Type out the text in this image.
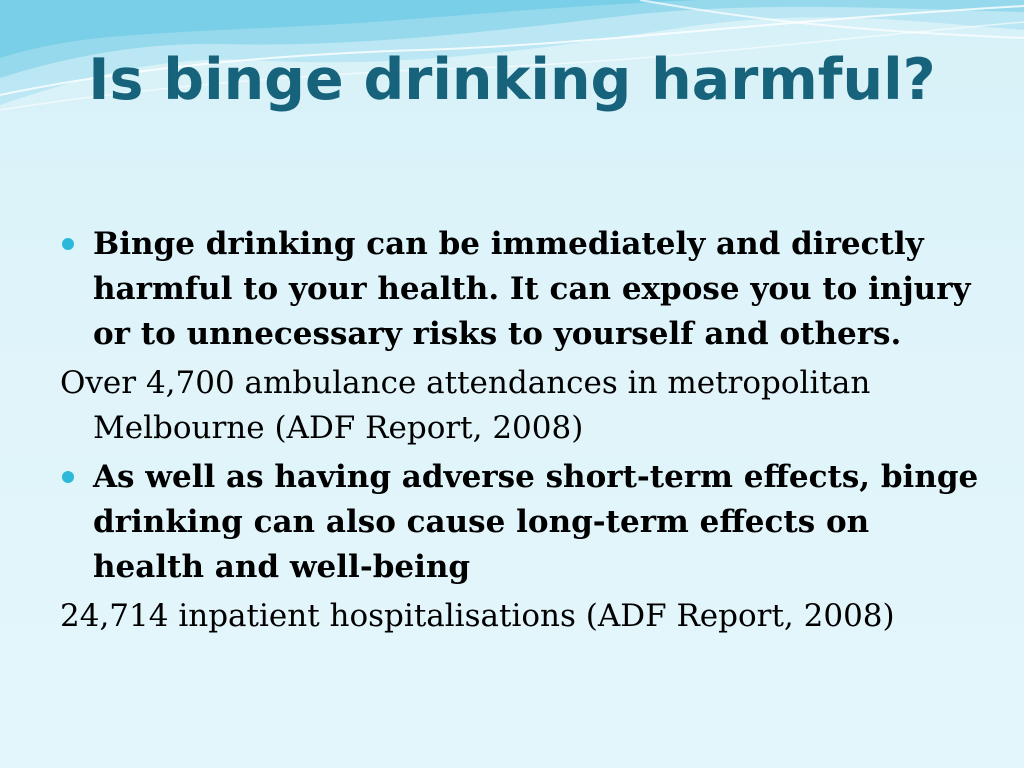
Is binge drinking harmful?

Binge drinking can be immediately and directly harmful to your health. It can expose you to injury or to unnecessary risks to yourself and others.

Over 4,700 ambulance attendances in metropolitan Melbourne (ADF Report, 2008)

As well as having adverse short-term effects, binge drinking can also cause long-term effects on health and well-being

24,714 inpatient hospitalisations (ADF Report, 2008)
